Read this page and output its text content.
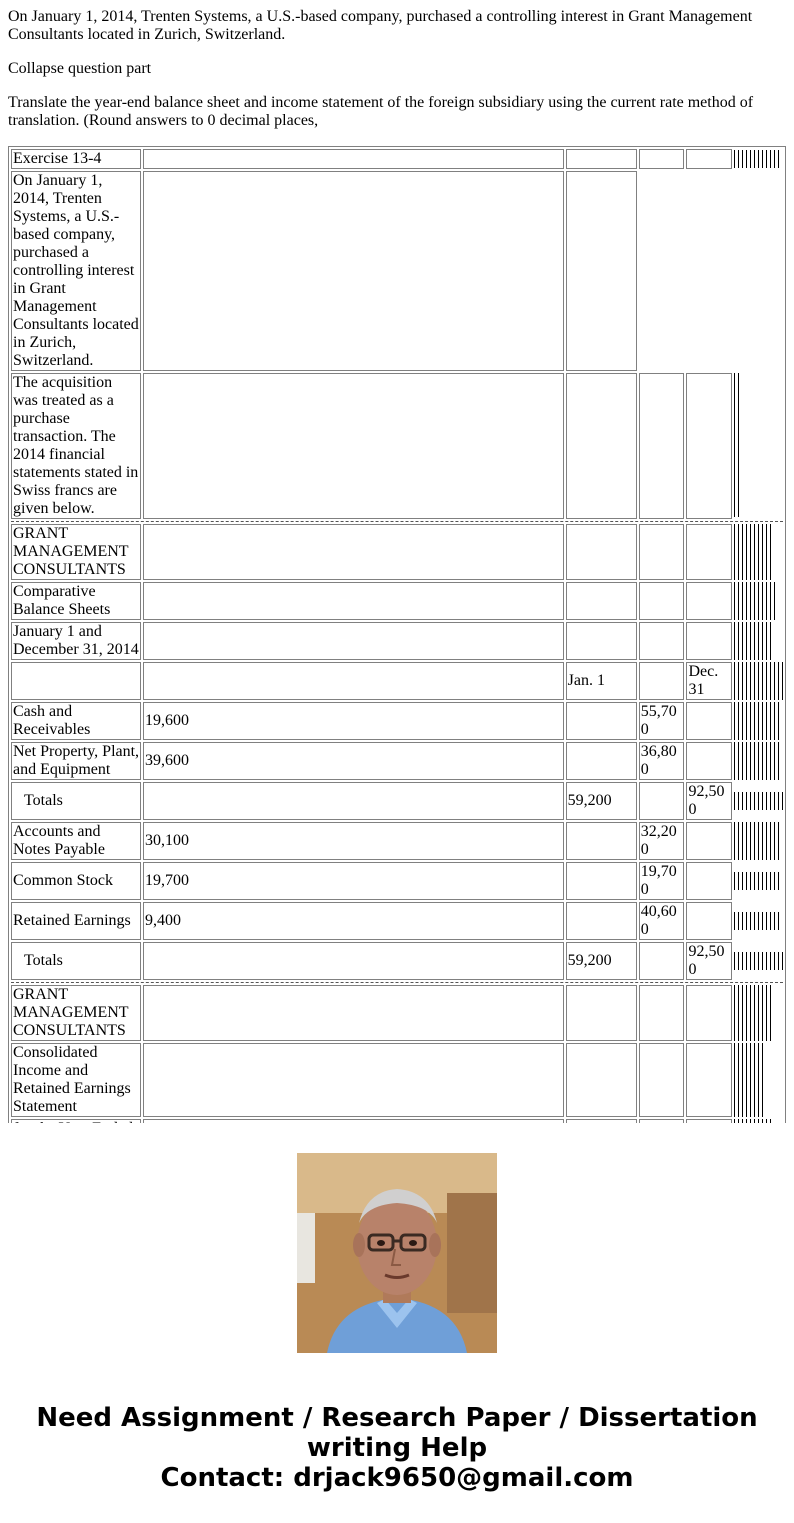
On January 1, 2014, Trenten Systems, a U.S.-based company, purchased a controlling interest in Grant Management Consultants located in Zurich, Switzerland.

Collapse question part

Translate the year-end balance sheet and income statement of the foreign subsidiary using the current rate method of translation. (Round answers to 0 decimal places,

Exercise 13-4					

On January 1, 2014, Trenten Systems, a U.S.-based company, purchased a controlling interest in Grant Management Consultants located in Zurich, Switzerland.					
The acquisition was treated as a purchase transaction. The 2014 financial statements stated in Swiss francs are given below.					

GRANT MANAGEMENT CONSULTANTS					

Comparative Balance Sheets					

January 1 and December 31, 2014					

		Jan. 1		Dec. 31	

Cash and Receivables	19,600		55,700		

Net Property, Plant, and Equipment	39,600		36,800		

Totals		59,200		92,500	

Accounts and Notes Payable	30,100		32,200		

Common Stock	19,700		19,700		

Retained Earnings	9,400		40,600		

Totals		59,200		92,500	

GRANT MANAGEMENT CONSULTANTS					

Consolidated Income and Retained Earnings Statement					

Need Assignment / Research Paper / Dissertation writing Help
Contact: drjack9650@gmail.com
